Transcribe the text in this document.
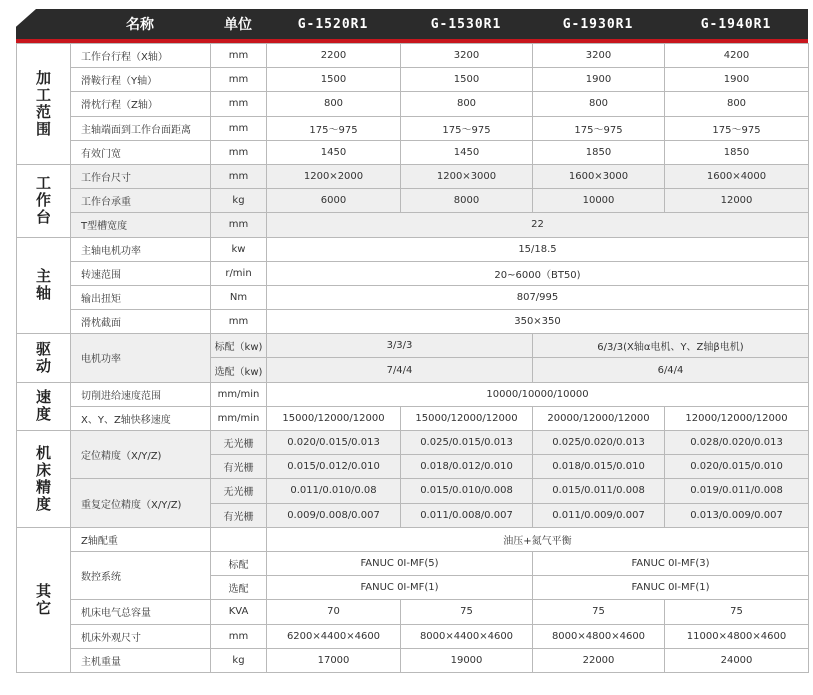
名称	单位	G-1520R1	G-1530R1	G-1930R1	G-1940R1
加
工
范
围	工作台行程（X轴）	mm	2200	3200	3200	4200
	滑鞍行程（Y轴）	mm	1500	1500	1900	1900
	滑枕行程（Z轴）	mm	800	800	800	800
	主轴端面到工作台面距离	mm	175～975	175～975	175～975	175～975
	有效门宽	mm	1450	1450	1850	1850
工
作
台	工作台尺寸	mm	1200×2000	1200×3000	1600×3000	1600×4000
	工作台承重	kg	6000	8000	10000	12000
	T型槽宽度	mm	22			
主
轴	主轴电机功率	kw	15/18.5			
	转速范围	r/min	20~6000（BT50)			
	输出扭矩	Nm	807/995			
	滑枕截面	mm	350×350			
驱
动	电机功率	标配（kw)	3/3/3		6/3/3(X轴α电机、Y、Z轴β电机)	
		选配（kw)	7/4/4		6/4/4	
速
度	切削进给速度范围	mm/min	10000/10000/10000			
	X、Y、Z轴快移速度	mm/min	15000/12000/12000	15000/12000/12000	20000/12000/12000	12000/12000/12000
机
床
精
度	定位精度（X/Y/Z)	无光栅	0.020/0.015/0.013	0.025/0.015/0.013	0.025/0.020/0.013	0.028/0.020/0.013
		有光栅	0.015/0.012/0.010	0.018/0.012/0.010	0.018/0.015/0.010	0.020/0.015/0.010
	重复定位精度（X/Y/Z)	无光栅	0.011/0.010/0.08	0.015/0.010/0.008	0.015/0.011/0.008	0.019/0.011/0.008
		有光栅	0.009/0.008/0.007	0.011/0.008/0.007	0.011/0.009/0.007	0.013/0.009/0.007
其
它	Z轴配重		油压+氮气平衡			
	数控系统	标配	FANUC 0I-MF(5)		FANUC 0I-MF(3)	
		选配	FANUC 0I-MF(1)		FANUC 0I-MF(1)	
	机床电气总容量	KVA	70	75	75	75
	机床外观尺寸	mm	6200×4400×4600	8000×4400×4600	8000×4800×4600	11000×4800×4600
	主机重量	kg	17000	19000	22000	24000
